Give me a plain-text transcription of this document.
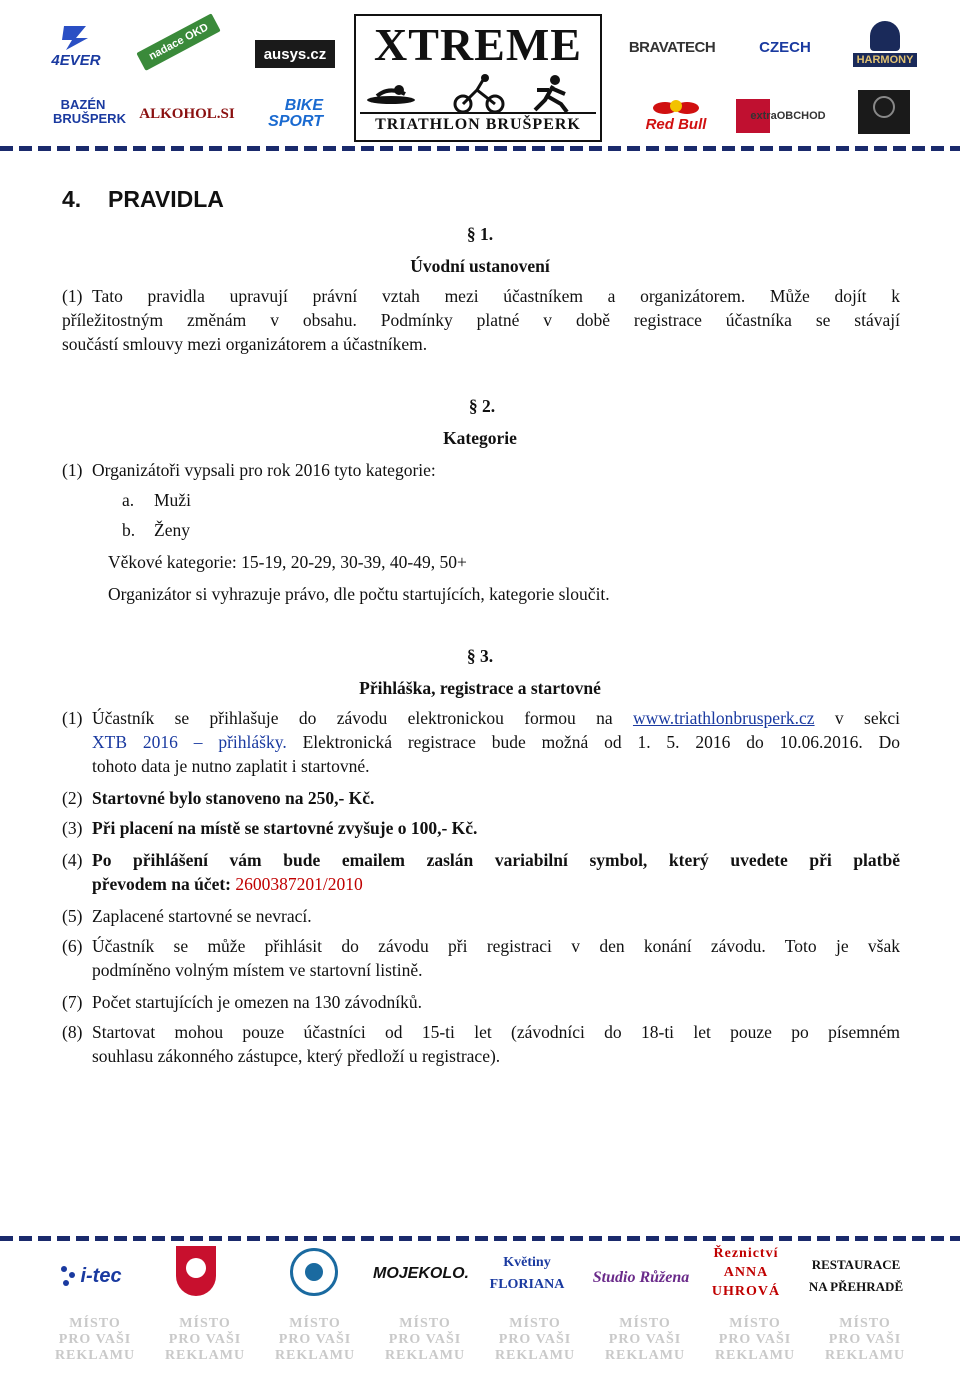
4EVER	nadace OKD	ausys.cz
BAZÉN BRUŠPERK ALKOHOL.SI	BIKE SPORT
XTREME
TRIATHLON BRUŠPERK
BRAVATECH	CZECH
HARMONY
Red Bull	extraOBCHOD
4. PRAVIDLA
§ 1.
Úvodní ustanovení
(1) Tato pravidla upravují právní vztah mezi účastníkem a organizátorem. Může dojít k
příležitostným změnám v obsahu. Podmínky platné v době registrace účastníka se stávají
součástí smlouvy mezi organizátorem a účastníkem.
§ 2.
Kategorie
(1) Organizátoři vypsali pro rok 2016 tyto kategorie:
a. Muži
b. Ženy
Věkové kategorie: 15-19, 20-29, 30-39, 40-49, 50+
Organizátor si vyhrazuje právo, dle počtu startujících, kategorie sloučit.
§ 3.
Přihláška, registrace a startovné
(1) Účastník se přihlašuje do závodu elektronickou formou na www.triathlonbrusperk.cz v sekci
XTB 2016 – přihlášky. Elektronická registrace bude možná od 1. 5. 2016 do 10.06.2016. Do
tohoto data je nutno zaplatit i startovné.
(2) Startovné bylo stanoveno na 250,- Kč.
(3) Při placení na místě se startovné zvyšuje o 100,- Kč.
(4) Po přihlášení vám bude emailem zaslán variabilní symbol, který uvedete při platbě
převodem na účet: 2600387201/2010
(5) Zaplacené startovné se nevrací.
(6) Účastník se může přihlásit do závodu při registraci v den konání závodu. Toto je však
podmíněno volným místem ve startovní listině.
(7) Počet startujících je omezen na 130 závodníků.
(8) Startovat mohou pouze účastníci od 15-ti let (závodníci do 18-ti let pouze po písemném
souhlasu zákonného zástupce, který předloží u registrace).
i-tec	MOJEKOLO.
Květiny
FLORIANA	Studio Růžena
Řeznictví
ANNA
UHROVÁ
RESTAURACE
NA PŘEHRADĚ
MÍSTO
PRO VAŠI
REKLAMU
MÍSTO
PRO VAŠI
REKLAMU
MÍSTO
PRO VAŠI
REKLAMU
MÍSTO
PRO VAŠI
REKLAMU
MÍSTO
PRO VAŠI
REKLAMU
MÍSTO
PRO VAŠI
REKLAMU
MÍSTO
PRO VAŠI
REKLAMU
MÍSTO
PRO VAŠI
REKLAMU
